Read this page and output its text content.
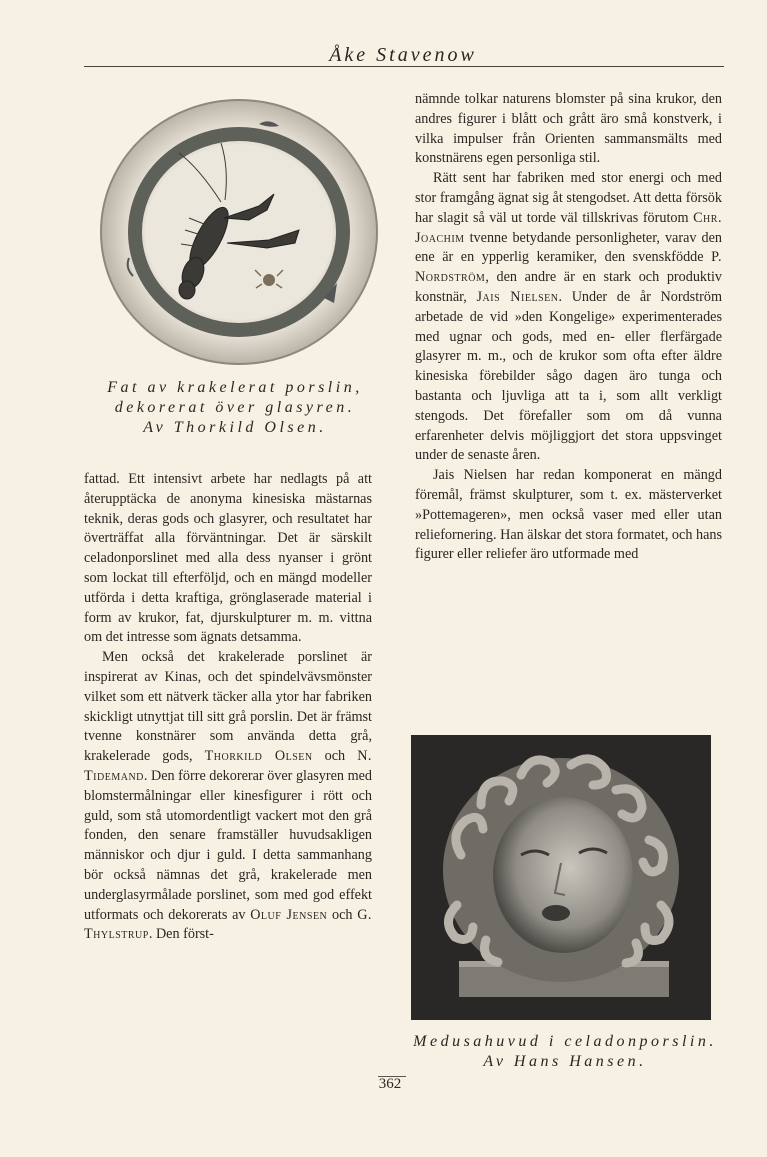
Åke Stavenow
Fat av krakelerat porslin,
dekorerat över glasyren.
Av Thorkild Olsen.

fattad. Ett intensivt arbete har nedlagts på att återupptäcka de anonyma kinesiska mästarnas teknik, deras gods och glasyrer, och resultatet har överträffat alla förväntningar. Det är särskilt celadonporslinet med alla dess nyanser i grönt som lockat till efterföljd, och en mängd modeller utförda i detta kraftiga, grönglaserade material i form av krukor, fat, djurskulpturer m. m. vittna om det intresse som ägnats detsamma.

Men också det krakelerade porslinet är inspirerat av Kinas, och det spindelvävsmönster vilket som ett nätverk täcker alla ytor har fabriken skickligt utnyttjat till sitt grå porslin. Det är främst tvenne konstnärer som använda detta grå, krakelerade gods, Thorkild Olsen och N. Tidemand. Den förre dekorerar över glasyren med blomstermålningar eller kinesfigurer i rött och guld, som stå utomordentligt vackert mot den grå fonden, den senare framställer huvudsakligen människor och djur i guld. I detta sammanhang bör också nämnas det grå, krakelerade men underglasyrmålade porslinet, som med god effekt utformats och dekorerats av Oluf Jensen och G. Thylstrup. Den först-

nämnde tolkar naturens blomster på sina krukor, den andres figurer i blått och grått äro små konstverk, i vilka impulser från Orienten sammansmälts med konstnärens egen personliga stil.

Rätt sent har fabriken med stor energi och med stor framgång ägnat sig åt stengodset. Att detta försök har slagit så väl ut torde väl tillskrivas förutom Chr. Joachim tvenne betydande personligheter, varav den ene är en ypperlig keramiker, den svenskfödde P. Nordström, den andre är en stark och produktiv konstnär, Jais Nielsen. Under de år Nordström arbetade de vid »den Kongelige» experimenterades med ugnar och gods, med en- eller flerfärgade glasyrer m. m., och de krukor som ofta efter äldre kinesiska förebilder sågo dagen äro tunga och bastanta och ljuvliga att ta i, som allt verkligt stengods. Det förefaller som om då vunna erfarenheter delvis möjliggjort det stora uppsvinget under de senaste åren.

Jais Nielsen har redan komponerat en mängd föremål, främst skulpturer, som t. ex. mästerverket »Pottemageren», men också vaser med eller utan reliefornering. Han älskar det stora formatet, och hans figurer eller reliefer äro utformade med

Medusahuvud i celadonporslin.
Av Hans Hansen.
362
